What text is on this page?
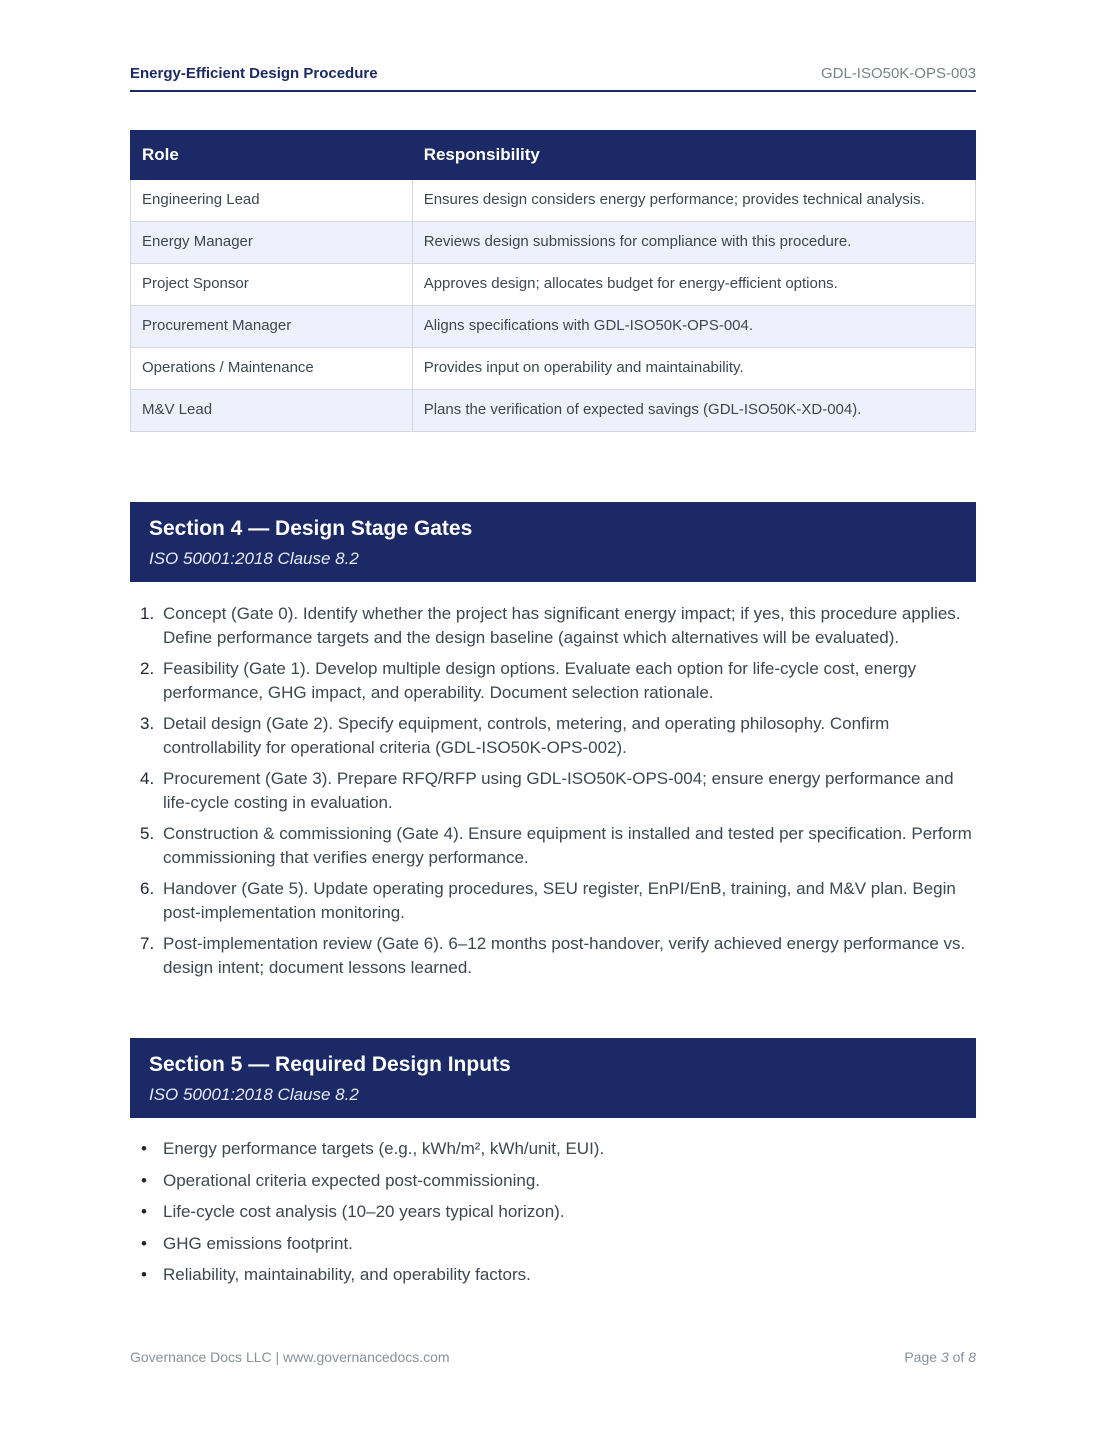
Energy-Efficient Design Procedure	GDL-ISO50K-OPS-003
Role	Responsibility
Engineering Lead	Ensures design considers energy performance; provides technical analysis.
Energy Manager	Reviews design submissions for compliance with this procedure.
Project Sponsor	Approves design; allocates budget for energy-efficient options.
Procurement Manager	Aligns specifications with GDL-ISO50K-OPS-004.
Operations / Maintenance	Provides input on operability and maintainability.
M&V Lead	Plans the verification of expected savings (GDL-ISO50K-XD-004).
Section 4 — Design Stage Gates
ISO 50001:2018 Clause 8.2
1. Concept (Gate 0). Identify whether the project has significant energy impact; if yes, this procedure applies. Define performance targets and the design baseline (against which alternatives will be evaluated).
2. Feasibility (Gate 1). Develop multiple design options. Evaluate each option for life-cycle cost, energy performance, GHG impact, and operability. Document selection rationale.
3. Detail design (Gate 2). Specify equipment, controls, metering, and operating philosophy. Confirm controllability for operational criteria (GDL-ISO50K-OPS-002).
4. Procurement (Gate 3). Prepare RFQ/RFP using GDL-ISO50K-OPS-004; ensure energy performance and life-cycle costing in evaluation.
5. Construction & commissioning (Gate 4). Ensure equipment is installed and tested per specification. Perform commissioning that verifies energy performance.
6. Handover (Gate 5). Update operating procedures, SEU register, EnPI/EnB, training, and M&V plan. Begin post-implementation monitoring.
7. Post-implementation review (Gate 6). 6–12 months post-handover, verify achieved energy performance vs. design intent; document lessons learned.
Section 5 — Required Design Inputs
ISO 50001:2018 Clause 8.2
• Energy performance targets (e.g., kWh/m², kWh/unit, EUI).
• Operational criteria expected post-commissioning.
• Life-cycle cost analysis (10–20 years typical horizon).
• GHG emissions footprint.
• Reliability, maintainability, and operability factors.
Governance Docs LLC | www.governancedocs.com	Page 3 of 8
